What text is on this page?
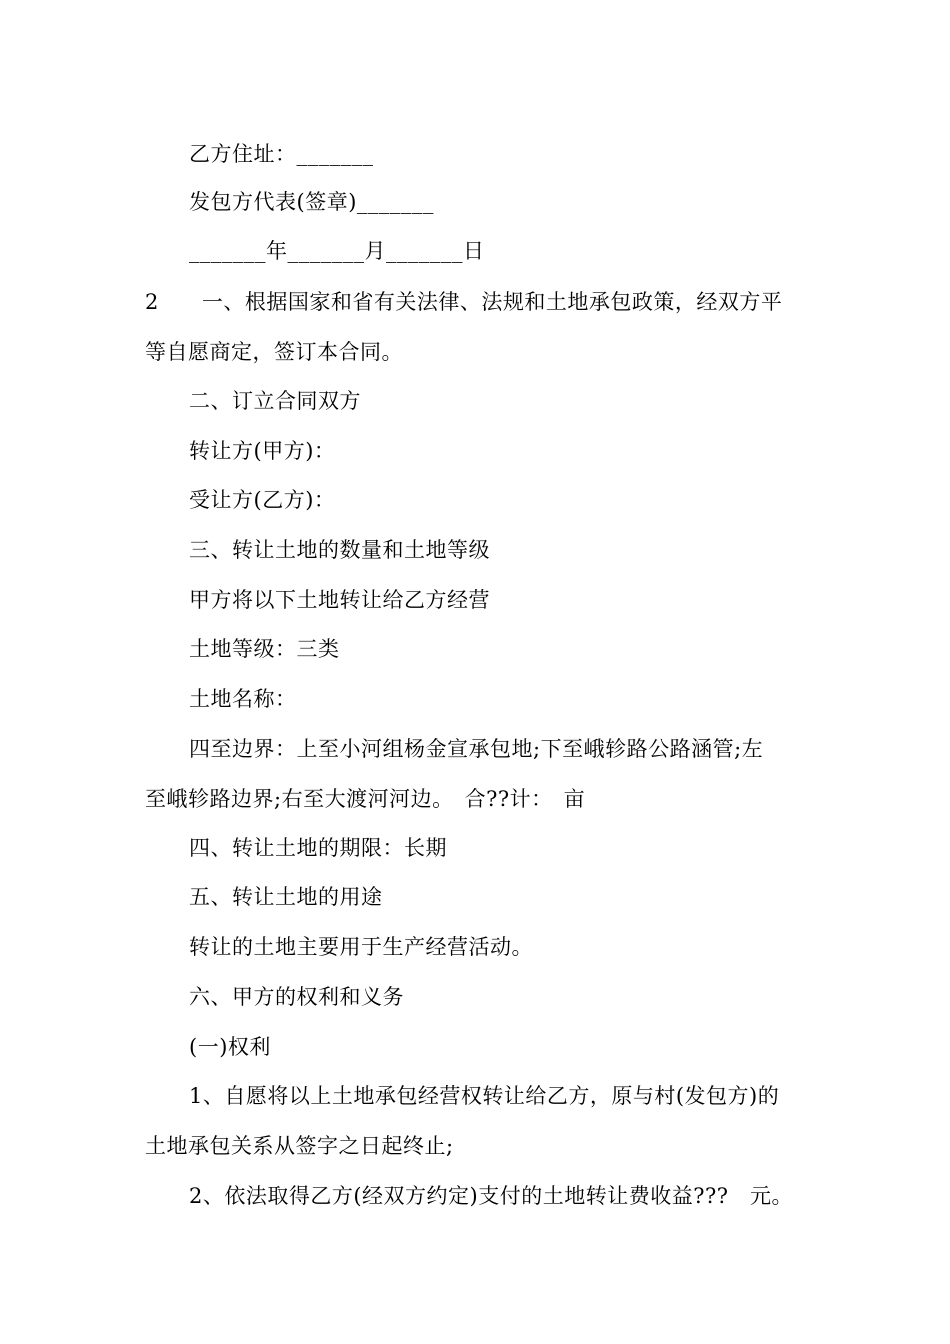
乙方住址：_______
发包方代表(签章)_______
_______年_______月_______日
2　　一、根据国家和省有关法律、法规和土地承包政策，经双方平
等自愿商定，签订本合同。
二、订立合同双方
转让方(甲方)：
受让方(乙方)：
三、转让土地的数量和土地等级
甲方将以下土地转让给乙方经营
土地等级：三类
土地名称：
四至边界：上至小河组杨金宣承包地;下至峨轸路公路涵管;左
至峨轸路边界;右至大渡河河边。　合??计：　亩
四、转让土地的期限：长期
五、转让土地的用途
转让的土地主要用于生产经营活动。
六、甲方的权利和义务
(一)权利
1、自愿将以上土地承包经营权转让给乙方，原与村(发包方)的
土地承包关系从签字之日起终止;
2、依法取得乙方(经双方约定)支付的土地转让费收益???　元。
